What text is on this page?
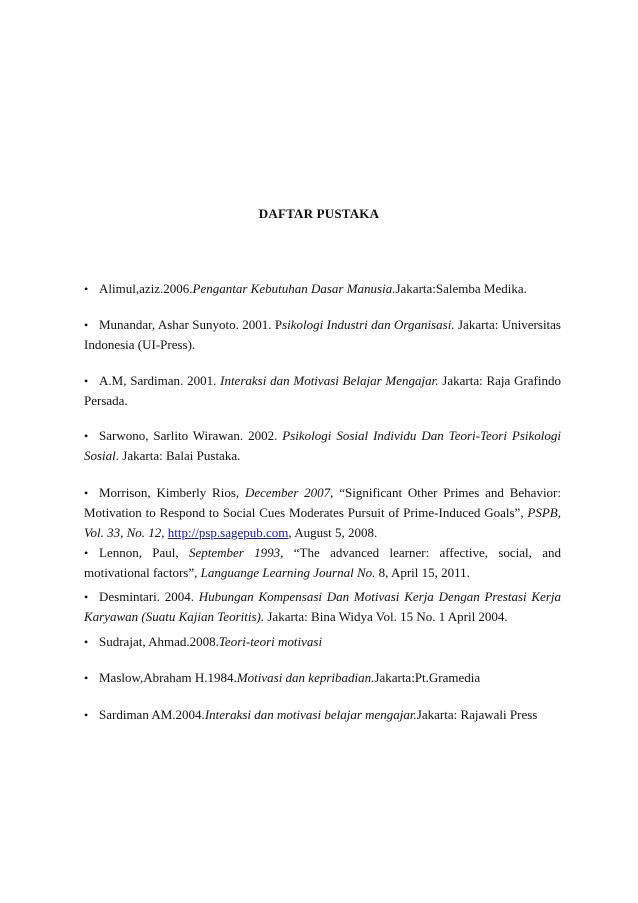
DAFTAR PUSTAKA
• Alimul,aziz.2006.Pengantar Kebutuhan Dasar Manusia.Jakarta:Salemba Medika.
• Munandar, Ashar Sunyoto. 2001. Psikologi Industri dan Organisasi. Jakarta: Universitas Indonesia (UI-Press).
• A.M, Sardiman. 2001. Interaksi dan Motivasi Belajar Mengajar. Jakarta: Raja Grafindo Persada.
• Sarwono, Sarlito Wirawan. 2002. Psikologi Sosial Individu Dan Teori-Teori Psikologi Sosial. Jakarta: Balai Pustaka.
• Morrison, Kimberly Rios, December 2007, “Significant Other Primes and Behavior: Motivation to Respond to Social Cues Moderates Pursuit of Prime-Induced Goals”, PSPB, Vol. 33, No. 12, http://psp.sagepub.com, August 5, 2008.
• Lennon, Paul, September 1993, “The advanced learner: affective, social, and motivational factors”, Languange Learning Journal No. 8, April 15, 2011.
• Desmintari. 2004. Hubungan Kompensasi Dan Motivasi Kerja Dengan Prestasi Kerja Karyawan (Suatu Kajian Teoritis). Jakarta: Bina Widya Vol. 15 No. 1 April 2004.
• Sudrajat, Ahmad.2008.Teori-teori motivasi
• Maslow,Abraham H.1984.Motivasi dan kepribadian.Jakarta:Pt.Gramedia
• Sardiman AM.2004.Interaksi dan motivasi belajar mengajar.Jakarta: Rajawali Press
